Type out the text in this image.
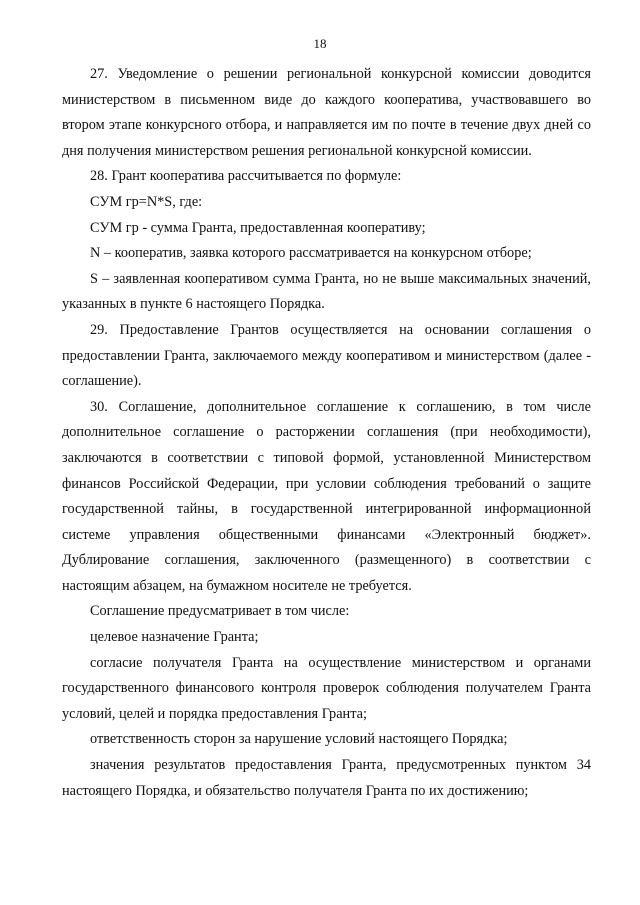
18

27. Уведомление о решении региональной конкурсной комиссии доводится министерством в письменном виде до каждого кооператива, участвовавшего во втором этапе конкурсного отбора, и направляется им по почте в течение двух дней со дня получения министерством решения региональной конкурсной комиссии.

28. Грант кооператива рассчитывается по формуле:

СУМ гр=N*S, где:

СУМ гр - сумма Гранта, предоставленная кооперативу;

N – кооператив, заявка которого рассматривается на конкурсном отборе;

S – заявленная кооперативом сумма Гранта, но не выше максимальных значений, указанных в пункте 6 настоящего Порядка.

29. Предоставление Грантов осуществляется на основании соглашения о предоставлении Гранта, заключаемого между кооперативом и министерством (далее - соглашение).

30. Соглашение, дополнительное соглашение к соглашению, в том числе дополнительное соглашение о расторжении соглашения (при необходимости), заключаются в соответствии с типовой формой, установленной Министерством финансов Российской Федерации, при условии соблюдения требований о защите государственной тайны, в государственной интегрированной информационной системе управления общественными финансами «Электронный бюджет». Дублирование соглашения, заключенного (размещенного) в соответствии с настоящим абзацем, на бумажном носителе не требуется.

Соглашение предусматривает в том числе:

целевое назначение Гранта;

согласие получателя Гранта на осуществление министерством и органами государственного финансового контроля проверок соблюдения получателем Гранта условий, целей и порядка предоставления Гранта;

ответственность сторон за нарушение условий настоящего Порядка;

значения результатов предоставления Гранта, предусмотренных пунктом 34 настоящего Порядка, и обязательство получателя Гранта по их достижению;
